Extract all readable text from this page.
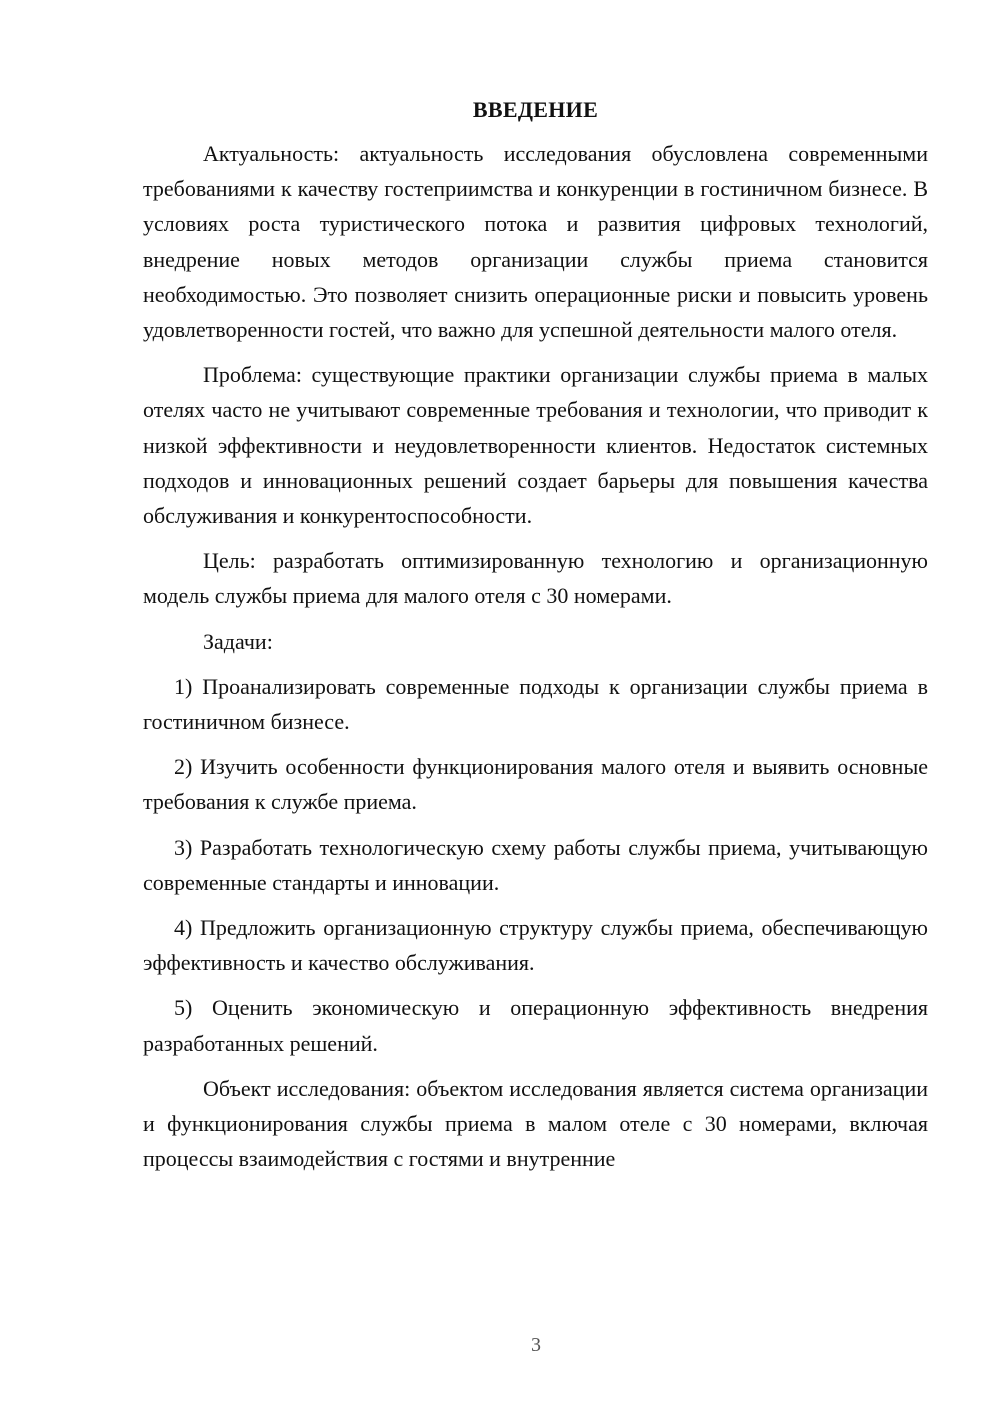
ВВЕДЕНИЕ

Актуальность: актуальность исследования обусловлена современными требованиями к качеству гостеприимства и конкуренции в гостиничном бизнесе. В условиях роста туристического потока и развития цифровых технологий, внедрение новых методов организации службы приема становится необходимостью. Это позволяет снизить операционные риски и повысить уровень удовлетворенности гостей, что важно для успешной деятельности малого отеля.

Проблема: существующие практики организации службы приема в малых отелях часто не учитывают современные требования и технологии, что приводит к низкой эффективности и неудовлетворенности клиентов. Недостаток системных подходов и инновационных решений создает барьеры для повышения качества обслуживания и конкурентоспособности.

Цель: разработать оптимизированную технологию и организационную модель службы приема для малого отеля с 30 номерами.

Задачи:

1) Проанализировать современные подходы к организации службы приема в гостиничном бизнесе.

2) Изучить особенности функционирования малого отеля и выявить основные требования к службе приема.

3) Разработать технологическую схему работы службы приема, учитывающую современные стандарты и инновации.

4) Предложить организационную структуру службы приема, обеспечивающую эффективность и качество обслуживания.

5) Оценить экономическую и операционную эффективность внедрения разработанных решений.

Объект исследования: объектом исследования является система организации и функционирования службы приема в малом отеле с 30 номерами, включая процессы взаимодействия с гостями и внутренние

3
